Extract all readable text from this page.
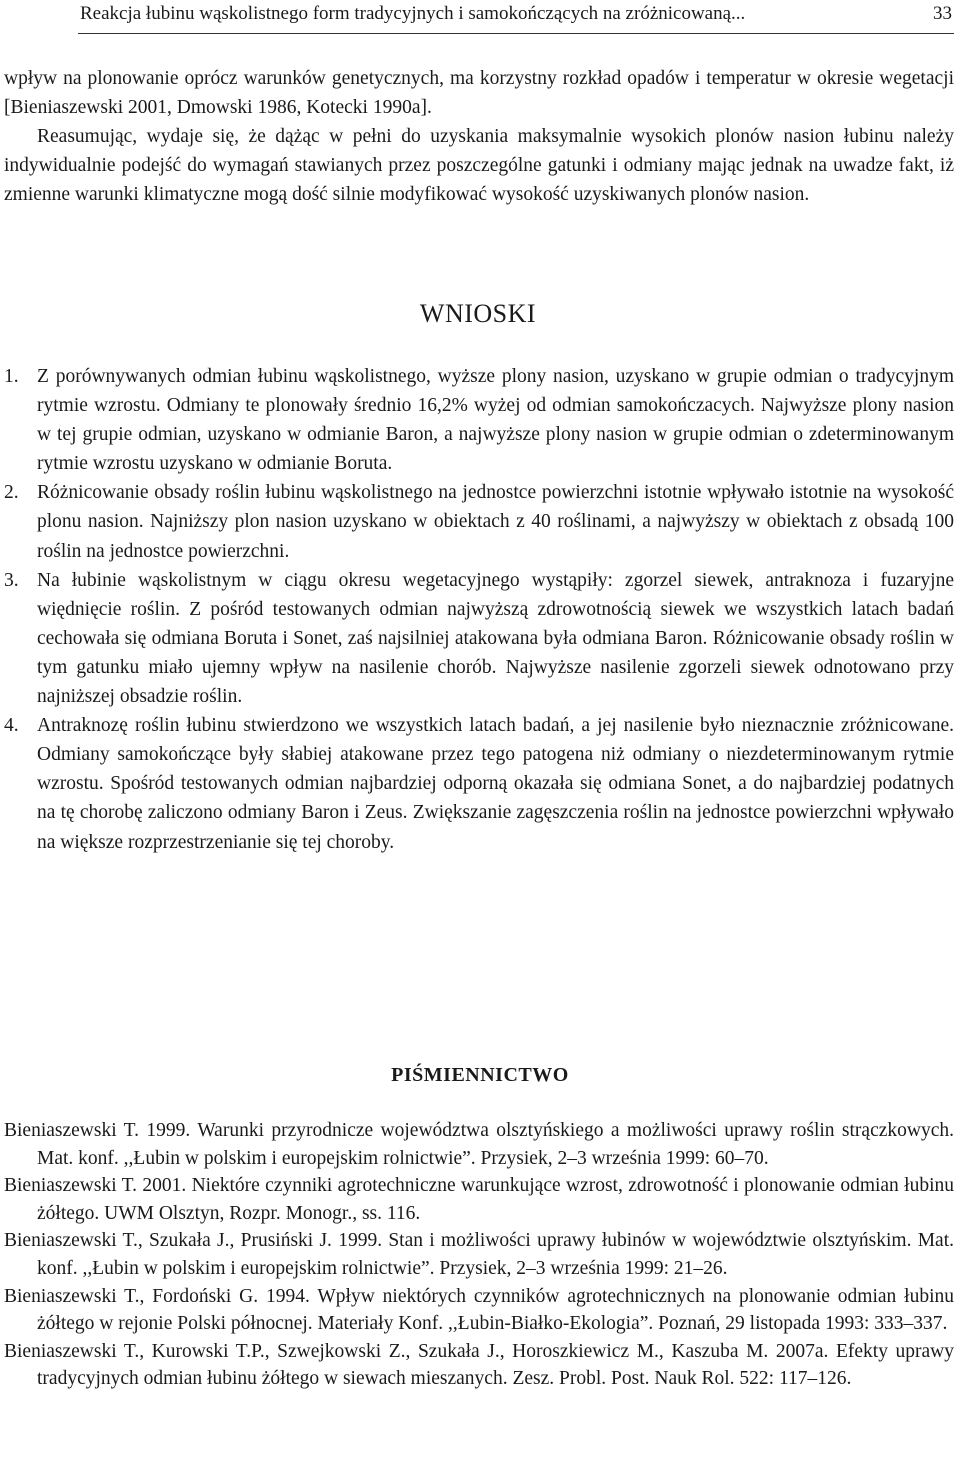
Reakcja łubinu wąskolistnego form tradycyjnych i samokończących na zróżnicowaną...	33

wpływ na plonowanie oprócz warunków genetycznych, ma korzystny rozkład opadów i temperatur w okresie wegetacji [Bieniaszewski 2001, Dmowski 1986, Kotecki 1990a].

Reasumując, wydaje się, że dążąc w pełni do uzyskania maksymalnie wysokich plonów nasion łubinu należy indywidualnie podejść do wymagań stawianych przez poszczególne gatunki i odmiany mając jednak na uwadze fakt, iż zmienne warunki klimatyczne mogą dość silnie modyfikować wysokość uzyskiwanych plonów nasion.

WNIOSKI
1. Z porównywanych odmian łubinu wąskolistnego, wyższe plony nasion, uzyskano w grupie odmian o tradycyjnym rytmie wzrostu. Odmiany te plonowały średnio 16,2% wyżej od odmian samokończacych. Najwyższe plony nasion w tej grupie odmian, uzyskano w odmianie Baron, a najwyższe plony nasion w grupie odmian o zdeterminowanym rytmie wzrostu uzyskano w odmianie Boruta.
2. Różnicowanie obsady roślin łubinu wąskolistnego na jednostce powierzchni istotnie wpływało istotnie na wysokość plonu nasion. Najniższy plon nasion uzyskano w obiektach z 40 roślinami, a najwyższy w obiektach z obsadą 100 roślin na jednostce powierzchni.
3. Na łubinie wąskolistnym w ciągu okresu wegetacyjnego wystąpiły: zgorzel siewek, antraknoza i fuzaryjne więdnięcie roślin. Z pośród testowanych odmian najwyższą zdrowotnością siewek we wszystkich latach badań cechowała się odmiana Boruta i Sonet, zaś najsilniej atakowana była odmiana Baron. Różnicowanie obsady roślin w tym gatunku miało ujemny wpływ na nasilenie chorób. Najwyższe nasilenie zgorzeli siewek odnotowano przy najniższej obsadzie roślin.
4. Antraknozę roślin łubinu stwierdzono we wszystkich latach badań, a jej nasilenie było nieznacznie zróżnicowane. Odmiany samokończące były słabiej atakowane przez tego patogena niż odmiany o niezdeterminowanym rytmie wzrostu. Spośród testowanych odmian najbardziej odporną okazała się odmiana Sonet, a do najbardziej podatnych na tę chorobę zaliczono odmiany Baron i Zeus. Zwiększanie zagęszczenia roślin na jednostce powierzchni wpływało na większe rozprzestrzenianie się tej choroby.
PIŚMIENNICTWO
Bieniaszewski T. 1999. Warunki przyrodnicze województwa olsztyńskiego a możliwości uprawy roślin strączkowych. Mat. konf. ,,Łubin w polskim i europejskim rolnictwie”. Przysiek, 2–3 września 1999: 60–70.
Bieniaszewski T. 2001. Niektóre czynniki agrotechniczne warunkujące wzrost, zdrowotność i plonowanie odmian łubinu żółtego. UWM Olsztyn, Rozpr. Monogr., ss. 116.
Bieniaszewski T., Szukała J., Prusiński J. 1999. Stan i możliwości uprawy łubinów w województwie olsztyńskim. Mat. konf. ,,Łubin w polskim i europejskim rolnictwie”. Przysiek, 2–3 września 1999: 21–26.
Bieniaszewski T., Fordoński G. 1994. Wpływ niektórych czynników agrotechnicznych na plonowanie odmian łubinu żółtego w rejonie Polski północnej. Materiały Konf. ,,Łubin-Białko-Ekologia”. Poznań, 29 listopada 1993: 333–337.
Bieniaszewski T., Kurowski T.P., Szwejkowski Z., Szukała J., Horoszkiewicz M., Kaszuba M. 2007a. Efekty uprawy tradycyjnych odmian łubinu żółtego w siewach mieszanych. Zesz. Probl. Post. Nauk Rol. 522: 117–126.
